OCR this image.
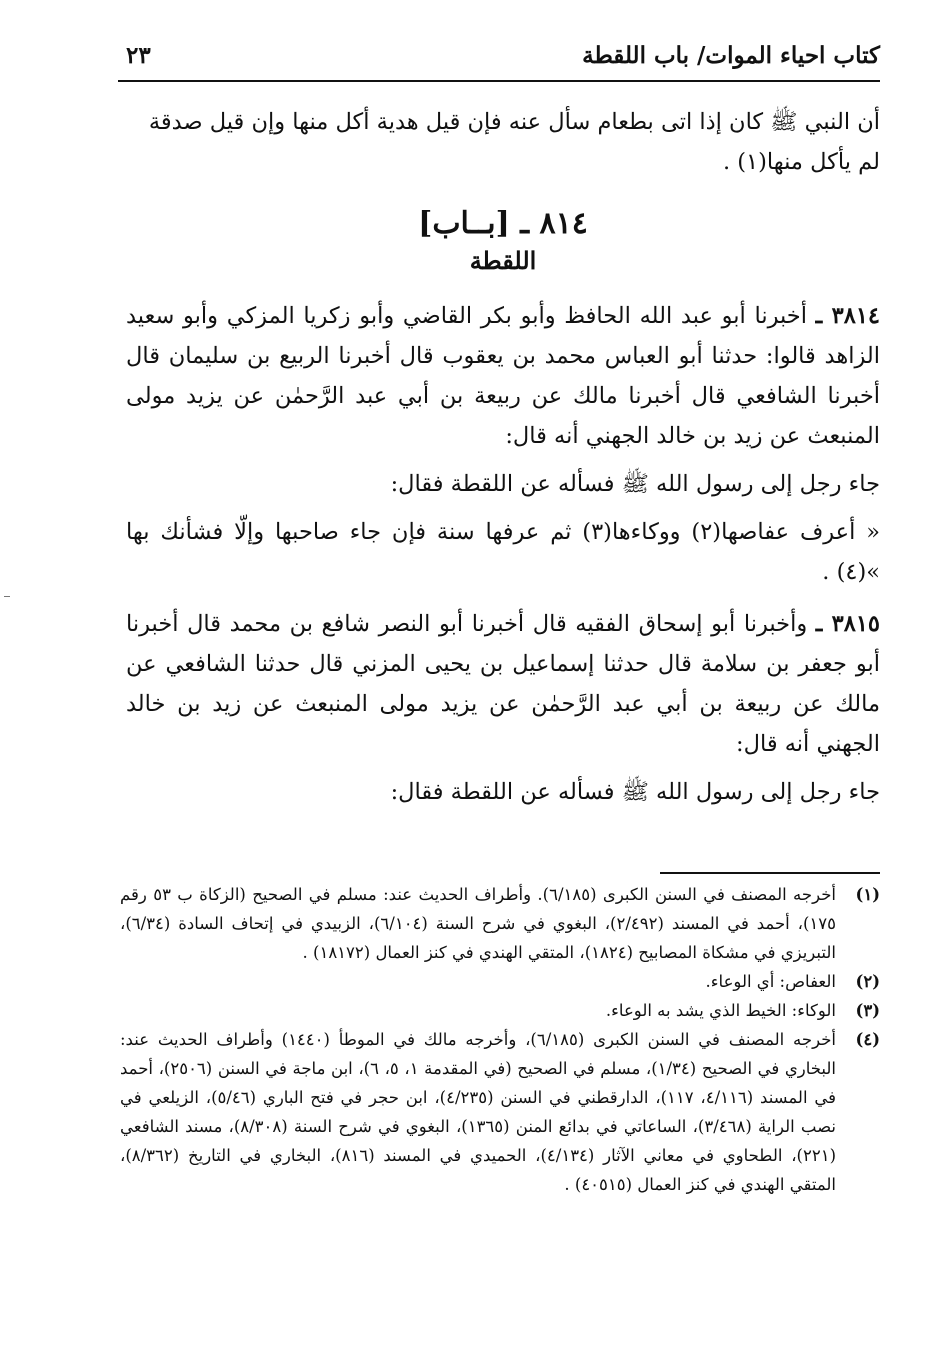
كتاب احياء الموات/ باب اللقطة
٢٣

أن النبي ﷺ كان إذا اتى بطعام سأل عنه فإن قيل هدية أكل منها وإن قيل صدقة

لم يأكل منها(١) .

٨١٤ ـ [بــاب]

اللقطة

٣٨١٤ ـ أخبرنا أبو عبد الله الحافظ وأبو بكر القاضي وأبو زكريا المزكي وأبو سعيد الزاهد قالوا: حدثنا أبو العباس محمد بن يعقوب قال أخبرنا الربيع بن سليمان قال أخبرنا الشافعي قال أخبرنا مالك عن ربيعة بن أبي عبد الرَّحمٰن عن يزيد مولى المنبعث عن زيد بن خالد الجهني أنه قال:

جاء رجل إلى رسول الله ﷺ فسأله عن اللقطة فقال:

« أعرف عفاصها(٢) ووكاءها(٣) ثم عرفها سنة فإن جاء صاحبها وإلّا فشأنك بها »(٤) .

٣٨١٥ ـ وأخبرنا أبو إسحاق الفقيه قال أخبرنا أبو النصر شافع بن محمد قال أخبرنا أبو جعفر بن سلامة قال حدثنا إسماعيل بن يحيى المزني قال حدثنا الشافعي عن مالك عن ربيعة بن أبي عبد الرَّحمٰن عن يزيد مولى المنبعث عن زيد بن خالد الجهني أنه قال:

جاء رجل إلى رسول الله ﷺ فسأله عن اللقطة فقال:

(١)
أخرجه المصنف في السنن الكبرى (٦/١٨٥). وأطراف الحديث عند: مسلم في الصحيح (الزكاة ب ٥٣ رقم ١٧٥)، أحمد في المسند (٢/٤٩٢)، البغوي في شرح السنة (٦/١٠٤)، الزبيدي في إتحاف السادة (٦/٣٤)، التبريزي في مشكاة المصابيح (١٨٢٤)، المتقي الهندي في كنز العمال (١٨١٧٢) .

(٢)
العفاص: أي الوعاء.

(٣)
الوكاء: الخيط الذي يشد به الوعاء.

(٤)
أخرجه المصنف في السنن الكبرى (٦/١٨٥)، وأخرجه مالك في الموطأ (١٤٤٠) وأطراف الحديث عند: البخاري في الصحيح (١/٣٤)، مسلم في الصحيح (في المقدمة ١، ٥، ٦)، ابن ماجة في السنن (٢٥٠٦)، أحمد في المسند (٤/١١٦، ١١٧)، الدارقطني في السنن (٤/٢٣٥)، ابن حجر في فتح الباري (٥/٤٦)، الزيلعي في نصب الراية (٣/٤٦٨)، الساعاتي في بدائع المنن (١٣٦٥)، البغوي في شرح السنة (٨/٣٠٨)، مسند الشافعي (٢٢١)، الطحاوي في معاني الآثار (٤/١٣٤)، الحميدي في المسند (٨١٦)، البخاري في التاريخ (٨/٣٦٢)، المتقي الهندي في كنز العمال (٤٠٥١٥) .
